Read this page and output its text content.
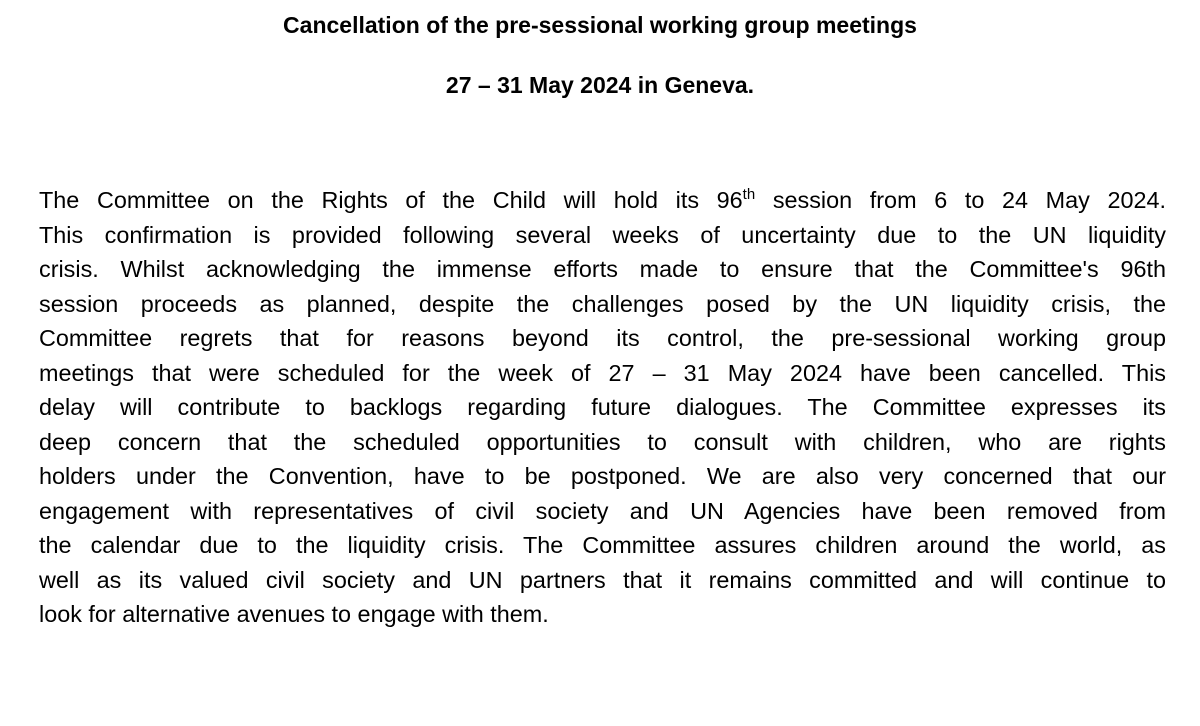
Cancellation of the pre-sessional working group meetings
27 – 31 May 2024 in Geneva.
The Committee on the Rights of the Child will hold its 96th session from 6 to 24 May 2024.
This confirmation is provided following several weeks of uncertainty due to the UN liquidity
crisis. Whilst acknowledging the immense efforts made to ensure that the Committee's 96th
session proceeds as planned, despite the challenges posed by the UN liquidity crisis, the
Committee regrets that for reasons beyond its control, the pre-sessional working group
meetings that were scheduled for the week of 27 – 31 May 2024 have been cancelled. This
delay will contribute to backlogs regarding future dialogues. The Committee expresses its
deep concern that the scheduled opportunities to consult with children, who are rights
holders under the Convention, have to be postponed. We are also very concerned that our
engagement with representatives of civil society and UN Agencies have been removed from
the calendar due to the liquidity crisis. The Committee assures children around the world, as
well as its valued civil society and UN partners that it remains committed and will continue to
look for alternative avenues to engage with them.
